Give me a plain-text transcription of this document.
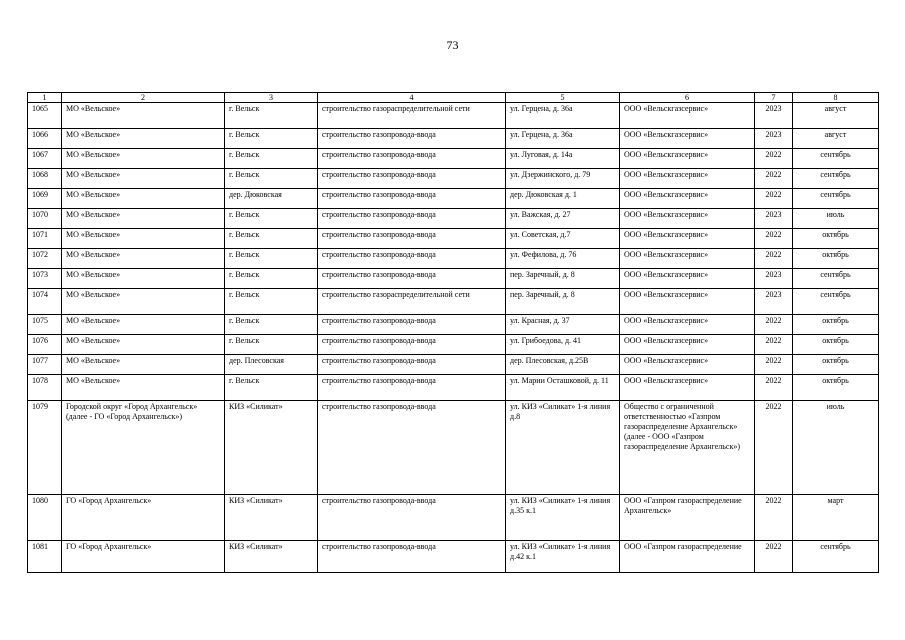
73
1	2	3	4	5	6	7	8
1065	МО «Вельское»	г. Вельск	строительство газораспределительной сети	ул. Герцена, д. 36а	ООО «Вельскгазсервис»	2023	август
1066	МО «Вельское»	г. Вельск	строительство газопровода-ввода	ул. Герцена, д. 36а	ООО «Вельскгазсервис»	2023	август
1067	МО «Вельское»	г. Вельск	строительство газопровода-ввода	ул. Луговая, д. 14а	ООО «Вельскгазсервис»	2022	сентябрь
1068	МО «Вельское»	г. Вельск	строительство газопровода-ввода	ул. Дзержинского, д. 79	ООО «Вельскгазсервис»	2022	сентябрь
1069	МО «Вельское»	дер. Дюковская	строительство газопровода-ввода	дер. Дюковская д. 1	ООО «Вельскгазсервис»	2022	сентябрь
1070	МО «Вельское»	г. Вельск	строительство газопровода-ввода	ул. Важская, д. 27	ООО «Вельскгазсервис»	2023	июль
1071	МО «Вельское»	г. Вельск	строительство газопровода-ввода	ул. Советская, д.7	ООО «Вельскгазсервис»	2022	октябрь
1072	МО «Вельское»	г. Вельск	строительство газопровода-ввода	ул. Фефилова, д. 76	ООО «Вельскгазсервис»	2022	октябрь
1073	МО «Вельское»	г. Вельск	строительство газопровода-ввода	пер. Заречный, д. 8	ООО «Вельскгазсервис»	2023	сентябрь
1074	МО «Вельское»	г. Вельск	строительство газораспределительной сети	пер. Заречный, д. 8	ООО «Вельскгазсервис»	2023	сентябрь
1075	МО «Вельское»	г. Вельск	строительство газопровода-ввода	ул. Красная, д. 37	ООО «Вельскгазсервис»	2022	октябрь
1076	МО «Вельское»	г. Вельск	строительство газопровода-ввода	ул. Грибоедова, д. 41	ООО «Вельскгазсервис»	2022	октябрь
1077	МО «Вельское»	дер. Плесовская	строительство газопровода-ввода	дер. Плесовская, д.25В	ООО «Вельскгазсервис»	2022	октябрь
1078	МО «Вельское»	г. Вельск	строительство газопровода-ввода	ул. Марии Осташковой, д. 11	ООО «Вельскгазсервис»	2022	октябрь
1079	Городской округ «Город Архангельск» (далее - ГО «Город Архангельск»)	КИЗ «Силикат»	строительство газопровода-ввода	ул. КИЗ «Силикат» 1-я линия д.8	Общество с ограниченной ответственностью «Газпром газораспределение Архангельск» (далее - ООО «Газпром газораспределение Архангельск»)	2022	июль
1080	ГО «Город Архангельск»	КИЗ «Силикат»	строительство газопровода-ввода	ул. КИЗ «Силикат» 1-я линия д.35 к.1	ООО «Газпром газораспределение Архангельск»	2022	март
1081	ГО «Город Архангельск»	КИЗ «Силикат»	строительство газопровода-ввода	ул. КИЗ «Силикат» 1-я линия д.42 к.1	ООО «Газпром газораспределение	2022	сентябрь
